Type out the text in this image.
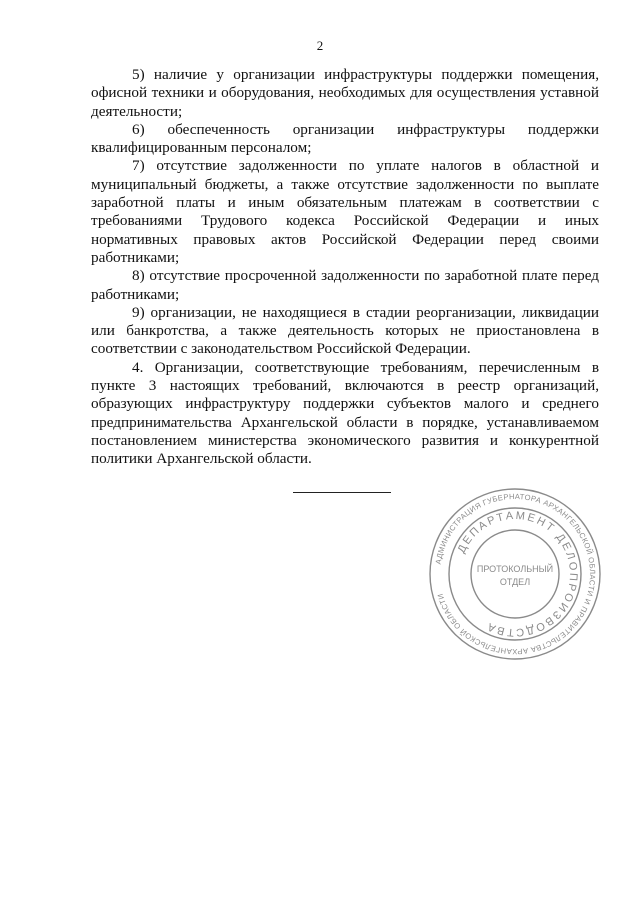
2

5) наличие у организации инфраструктуры поддержки помещения, офисной техники и оборудования, необходимых для осуществления уставной деятельности;

6) обеспеченность организации инфраструктуры поддержки квалифицированным персоналом;

7) отсутствие задолженности по уплате налогов в областной и муниципальный бюджеты, а также отсутствие задолженности по выплате заработной платы и иным обязательным платежам в соответствии с требованиями Трудового кодекса Российской Федерации и иных нормативных правовых актов Российской Федерации перед своими работниками;

8) отсутствие просроченной задолженности по заработной плате перед работниками;

9) организации, не находящиеся в стадии реорганизации, ликвидации или банкротства, а также деятельность которых не приостановлена в соответствии с законодательством Российской Федерации.

4. Организации, соответствующие требованиям, перечисленным в пункте 3 настоящих требований, включаются в реестр организаций, образующих инфраструктуру поддержки субъектов малого и среднего предпринимательства Архангельской области в порядке, устанавливаемом постановлением министерства экономического развития и конкурентной политики Архангельской области.

АДМИНИСТРАЦИЯ ГУБЕРНАТОРА АРХАНГЕЛЬСКОЙ ОБЛАСТИ И ПРАВИТЕЛЬСТВА АРХАНГЕЛЬСКОЙ ОБЛАСТИ
ДЕПАРТАМЕНТ ДЕЛОПРОИЗВОДСТВА
ПРОТОКОЛЬНЫЙ
ОТДЕЛ
